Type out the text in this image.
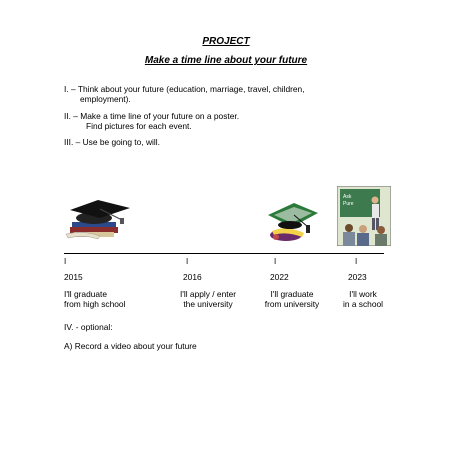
PROJECT
Make a time line about your future
I. – Think about your future (education, marriage, travel, children,
employment).
II. – Make a time line of your future on a poster.
Find pictures for each event.
III. – Use be going to, will.
Ask
Pure
I	I	I	I
2015	2016	2022	2023
I'll graduate
from high school
I'll apply / enter
the university
I'll graduate
from university
I'll work
in a school
IV. - optional:
A) Record a video about your future
